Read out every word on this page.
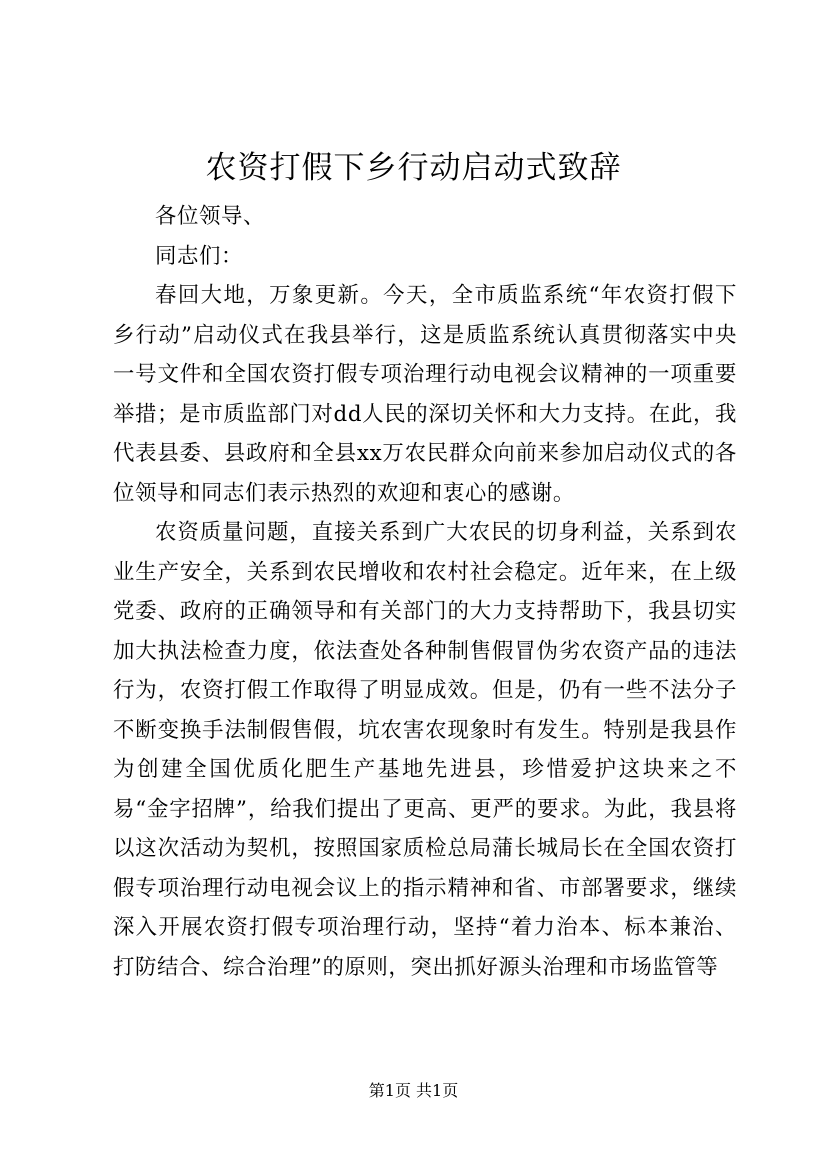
农资打假下乡行动启动式致辞

各位领导、

同志们：

春回大地，万象更新。今天，全市质监系统“年农资打假下乡行动”启动仪式在我县举行，这是质监系统认真贯彻落实中央一号文件和全国农资打假专项治理行动电视会议精神的一项重要举措；是市质监部门对dd人民的深切关怀和大力支持。在此，我代表县委、县政府和全县xx万农民群众向前来参加启动仪式的各位领导和同志们表示热烈的欢迎和衷心的感谢。

农资质量问题，直接关系到广大农民的切身利益，关系到农业生产安全，关系到农民增收和农村社会稳定。近年来，在上级党委、政府的正确领导和有关部门的大力支持帮助下，我县切实加大执法检查力度，依法查处各种制售假冒伪劣农资产品的违法行为，农资打假工作取得了明显成效。但是，仍有一些不法分子不断变换手法制假售假，坑农害农现象时有发生。特别是我县作为创建全国优质化肥生产基地先进县，珍惜爱护这块来之不易“金字招牌”，给我们提出了更高、更严的要求。为此，我县将以这次活动为契机，按照国家质检总局蒲长城局长在全国农资打假专项治理行动电视会议上的指示精神和省、市部署要求，继续深入开展农资打假专项治理行动，坚持“着力治本、标本兼治、打防结合、综合治理”的原则，突出抓好源头治理和市场监管等

第1页 共1页
